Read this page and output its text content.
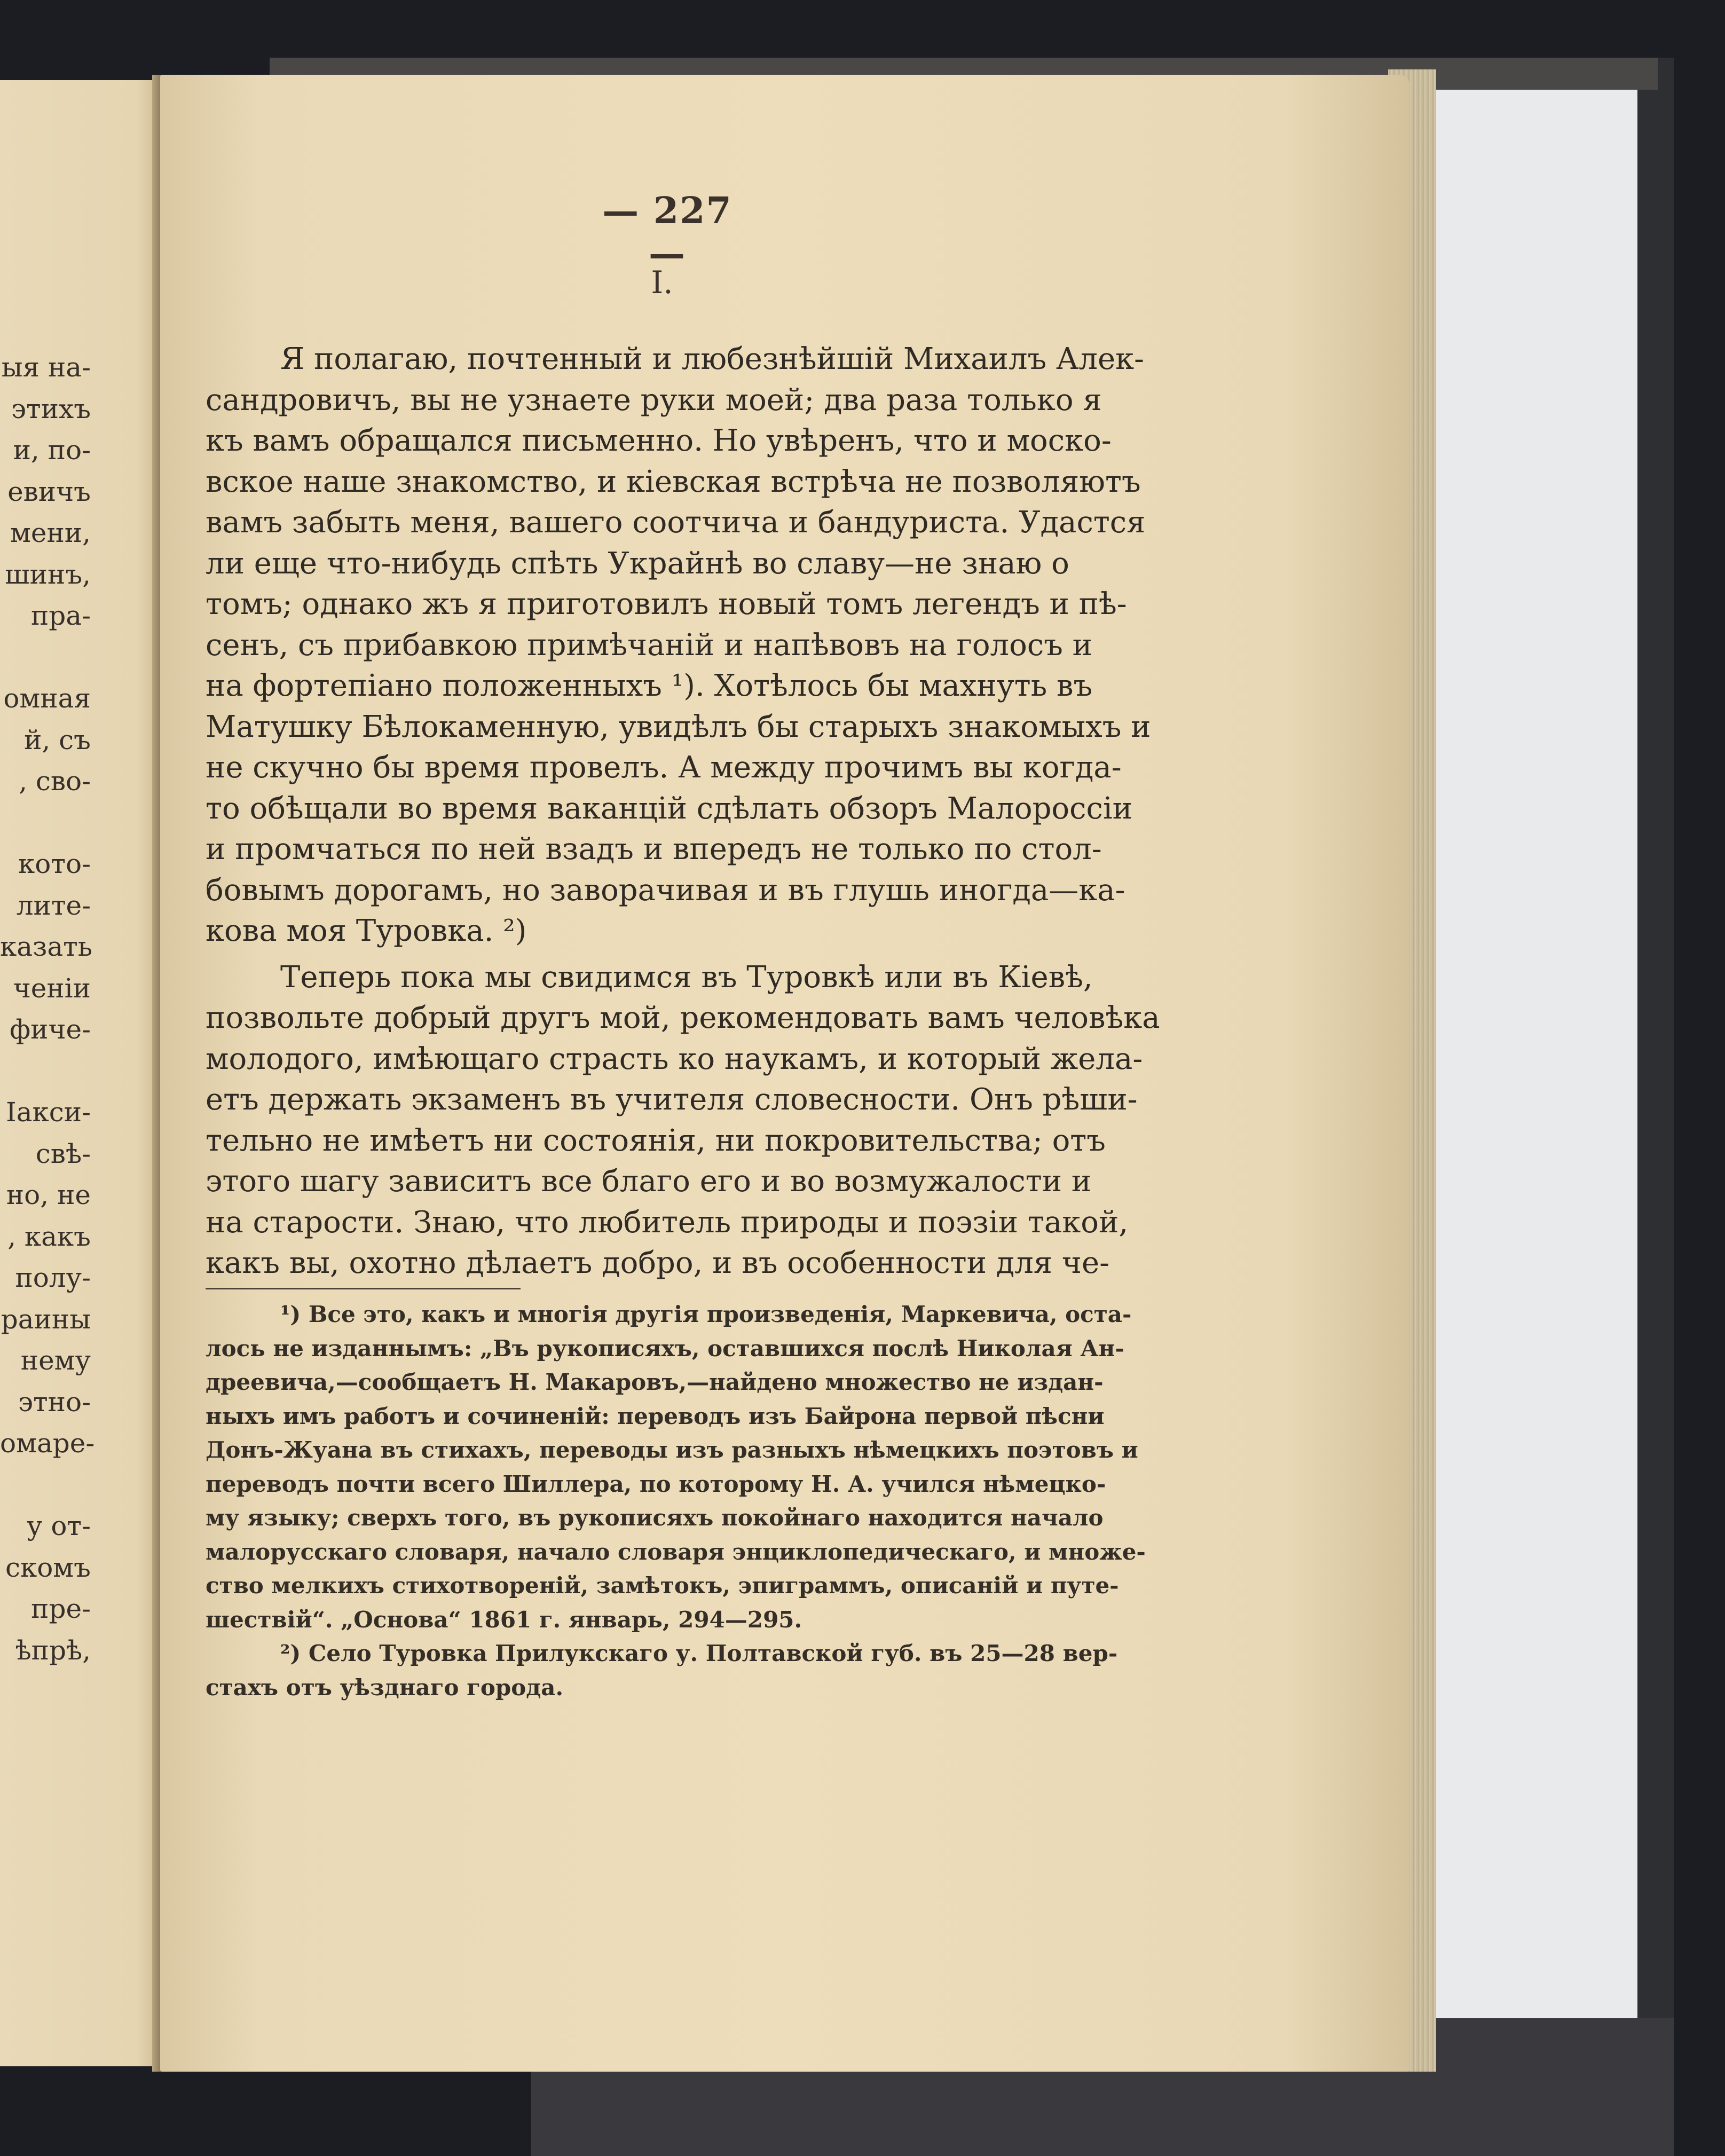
ыя на-
этихъ
и, по-
евичъ
мени,
шинъ,
пра-
омная
й, съ
, сво-
кото-
лите-
казать
ченіи
фиче-
Iакси-
свѣ-
но, не
, какъ
полу-
раины
нему
этно-
омаре-
у от-
скомъ
пре-
ѣпрѣ,
— 227 —
I.
Я полагаю, почтенный и любезнѣйшій Михаилъ Алек-
сандровичъ, вы не узнаете руки моей; два раза только я
къ вамъ обращался письменно. Но увѣренъ, что и моско-
вское наше знакомство, и кіевская встрѣча не позволяютъ
вамъ забыть меня, вашего соотчича и бандуриста. Удастся
ли еще что-нибудь спѣть Украйнѣ во славу—не знаю о
томъ; однако жъ я приготовилъ новый томъ легендъ и пѣ-
сенъ, съ прибавкою примѣчаній и напѣвовъ на голосъ и
на фортепіано положенныхъ ¹). Хотѣлось бы махнуть въ
Матушку Бѣлокаменную, увидѣлъ бы старыхъ знакомыхъ и
не скучно бы время провелъ. А между прочимъ вы когда-
то обѣщали во время ваканцій сдѣлать обзоръ Малороссіи
и промчаться по ней взадъ и впередъ не только по стол-
бовымъ дорогамъ, но заворачивая и въ глушь иногда—ка-
кова моя Туровка. ²)
Теперь пока мы свидимся въ Туровкѣ или въ Кіевѣ,
позвольте добрый другъ мой, рекомендовать вамъ человѣка
молодого, имѣющаго страсть ко наукамъ, и который жела-
етъ держать экзаменъ въ учителя словесности. Онъ рѣши-
тельно не имѣетъ ни состоянія, ни покровительства; отъ
этого шагу зависитъ все благо его и во возмужалости и
на старости. Знаю, что любитель природы и поэзіи такой,
какъ вы, охотно дѣлаетъ добро, и въ особенности для че-
¹) Все это, какъ и многія другія произведенія, Маркевича, оста-
лось не изданнымъ: „Въ рукописяхъ, оставшихся послѣ Николая Ан-
дреевича,—сообщаетъ Н. Макаровъ,—найдено множество не издан-
ныхъ имъ работъ и сочиненій: переводъ изъ Байрона первой пѣсни
Донъ-Жуана въ стихахъ, переводы изъ разныхъ нѣмецкихъ поэтовъ и
переводъ почти всего Шиллера, по которому Н. А. учился нѣмецко-
му языку; сверхъ того, въ рукописяхъ покойнаго находится начало
малорусскаго словаря, начало словаря энциклопедическаго, и множе-
ство мелкихъ стихотвореній, замѣтокъ, эпиграммъ, описаній и путе-
шествій“. „Основа“ 1861 г. январь, 294—295.
²) Село Туровка Прилукскаго у. Полтавской губ. въ 25—28 вер-
стахъ отъ уѣзднаго города.
